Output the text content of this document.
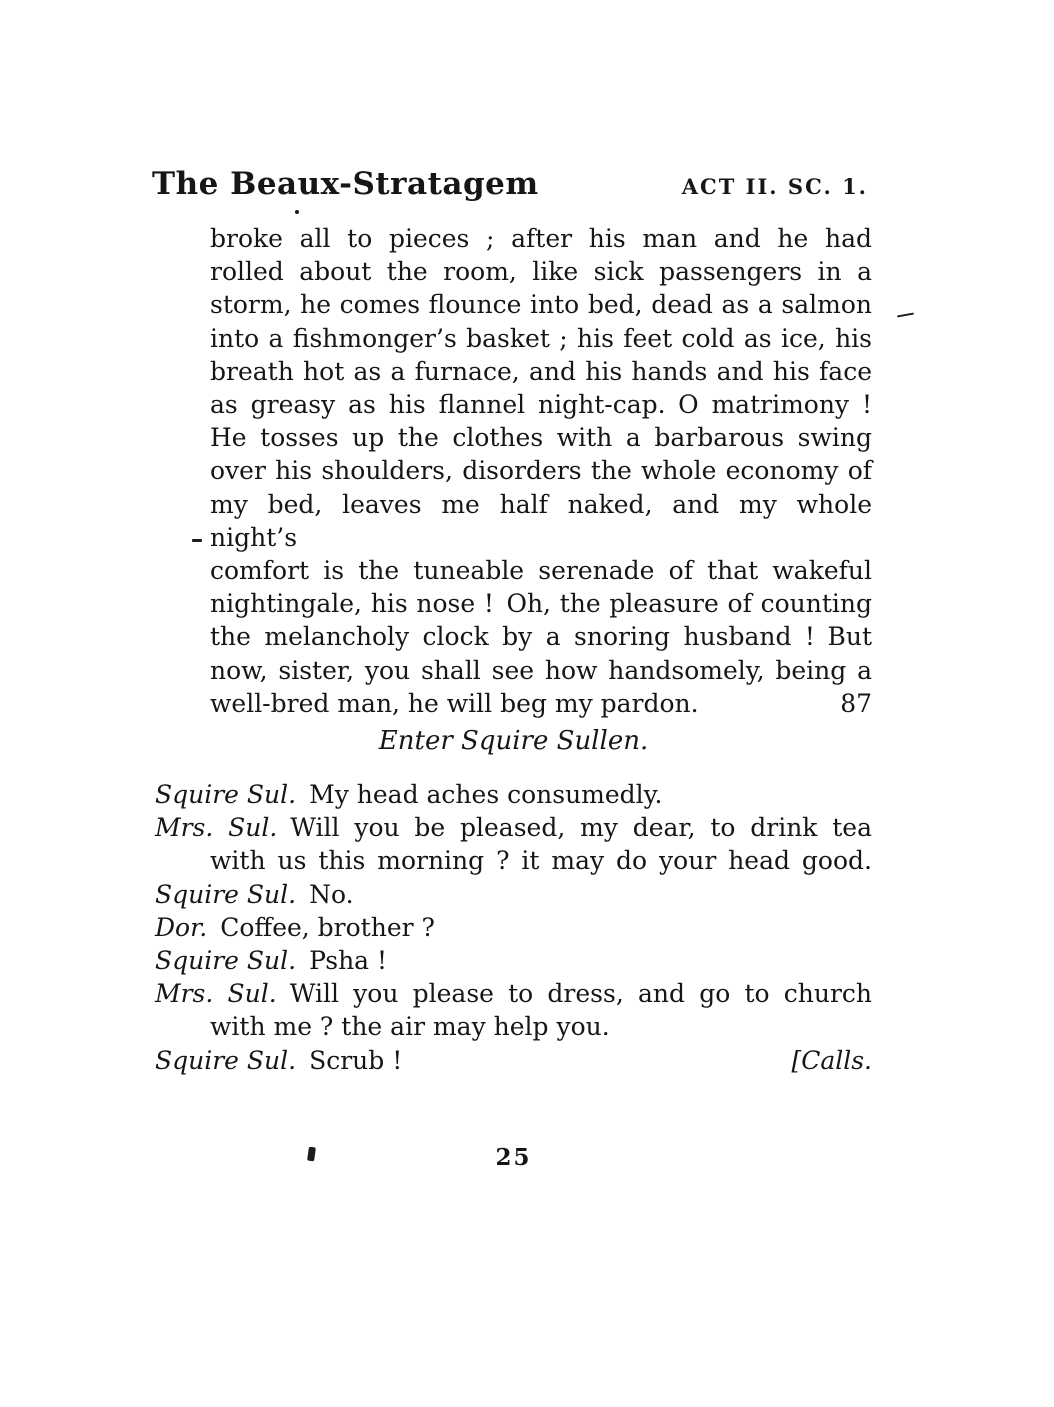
The Beaux-Stratagem	ACT II. SC. 1.
broke all to pieces ; after his man and he had
rolled about the room, like sick passengers in a
storm, he comes flounce into bed, dead as a salmon
into a fishmonger’s basket ; his feet cold as ice, his
breath hot as a furnace, and his hands and his face
as greasy as his flannel night-cap. O matrimony !
He tosses up the clothes with a barbarous swing
over his shoulders, disorders the whole economy of
my bed, leaves me half naked, and my whole night’s
comfort is the tuneable serenade of that wakeful
nightingale, his nose ! Oh, the pleasure of counting
the melancholy clock by a snoring husband ! But
now, sister, you shall see how handsomely, being a
well-bred man, he will beg my pardon.	87
Enter Squire Sullen.
Squire Sul. My head aches consumedly.
Mrs. Sul. Will you be pleased, my dear, to drink tea
with us this morning ? it may do your head good.
Squire Sul. No.
Dor. Coffee, brother ?
Squire Sul. Psha !
Mrs. Sul. Will you please to dress, and go to church
with me ? the air may help you.
Squire Sul. Scrub !	[Calls.
25
